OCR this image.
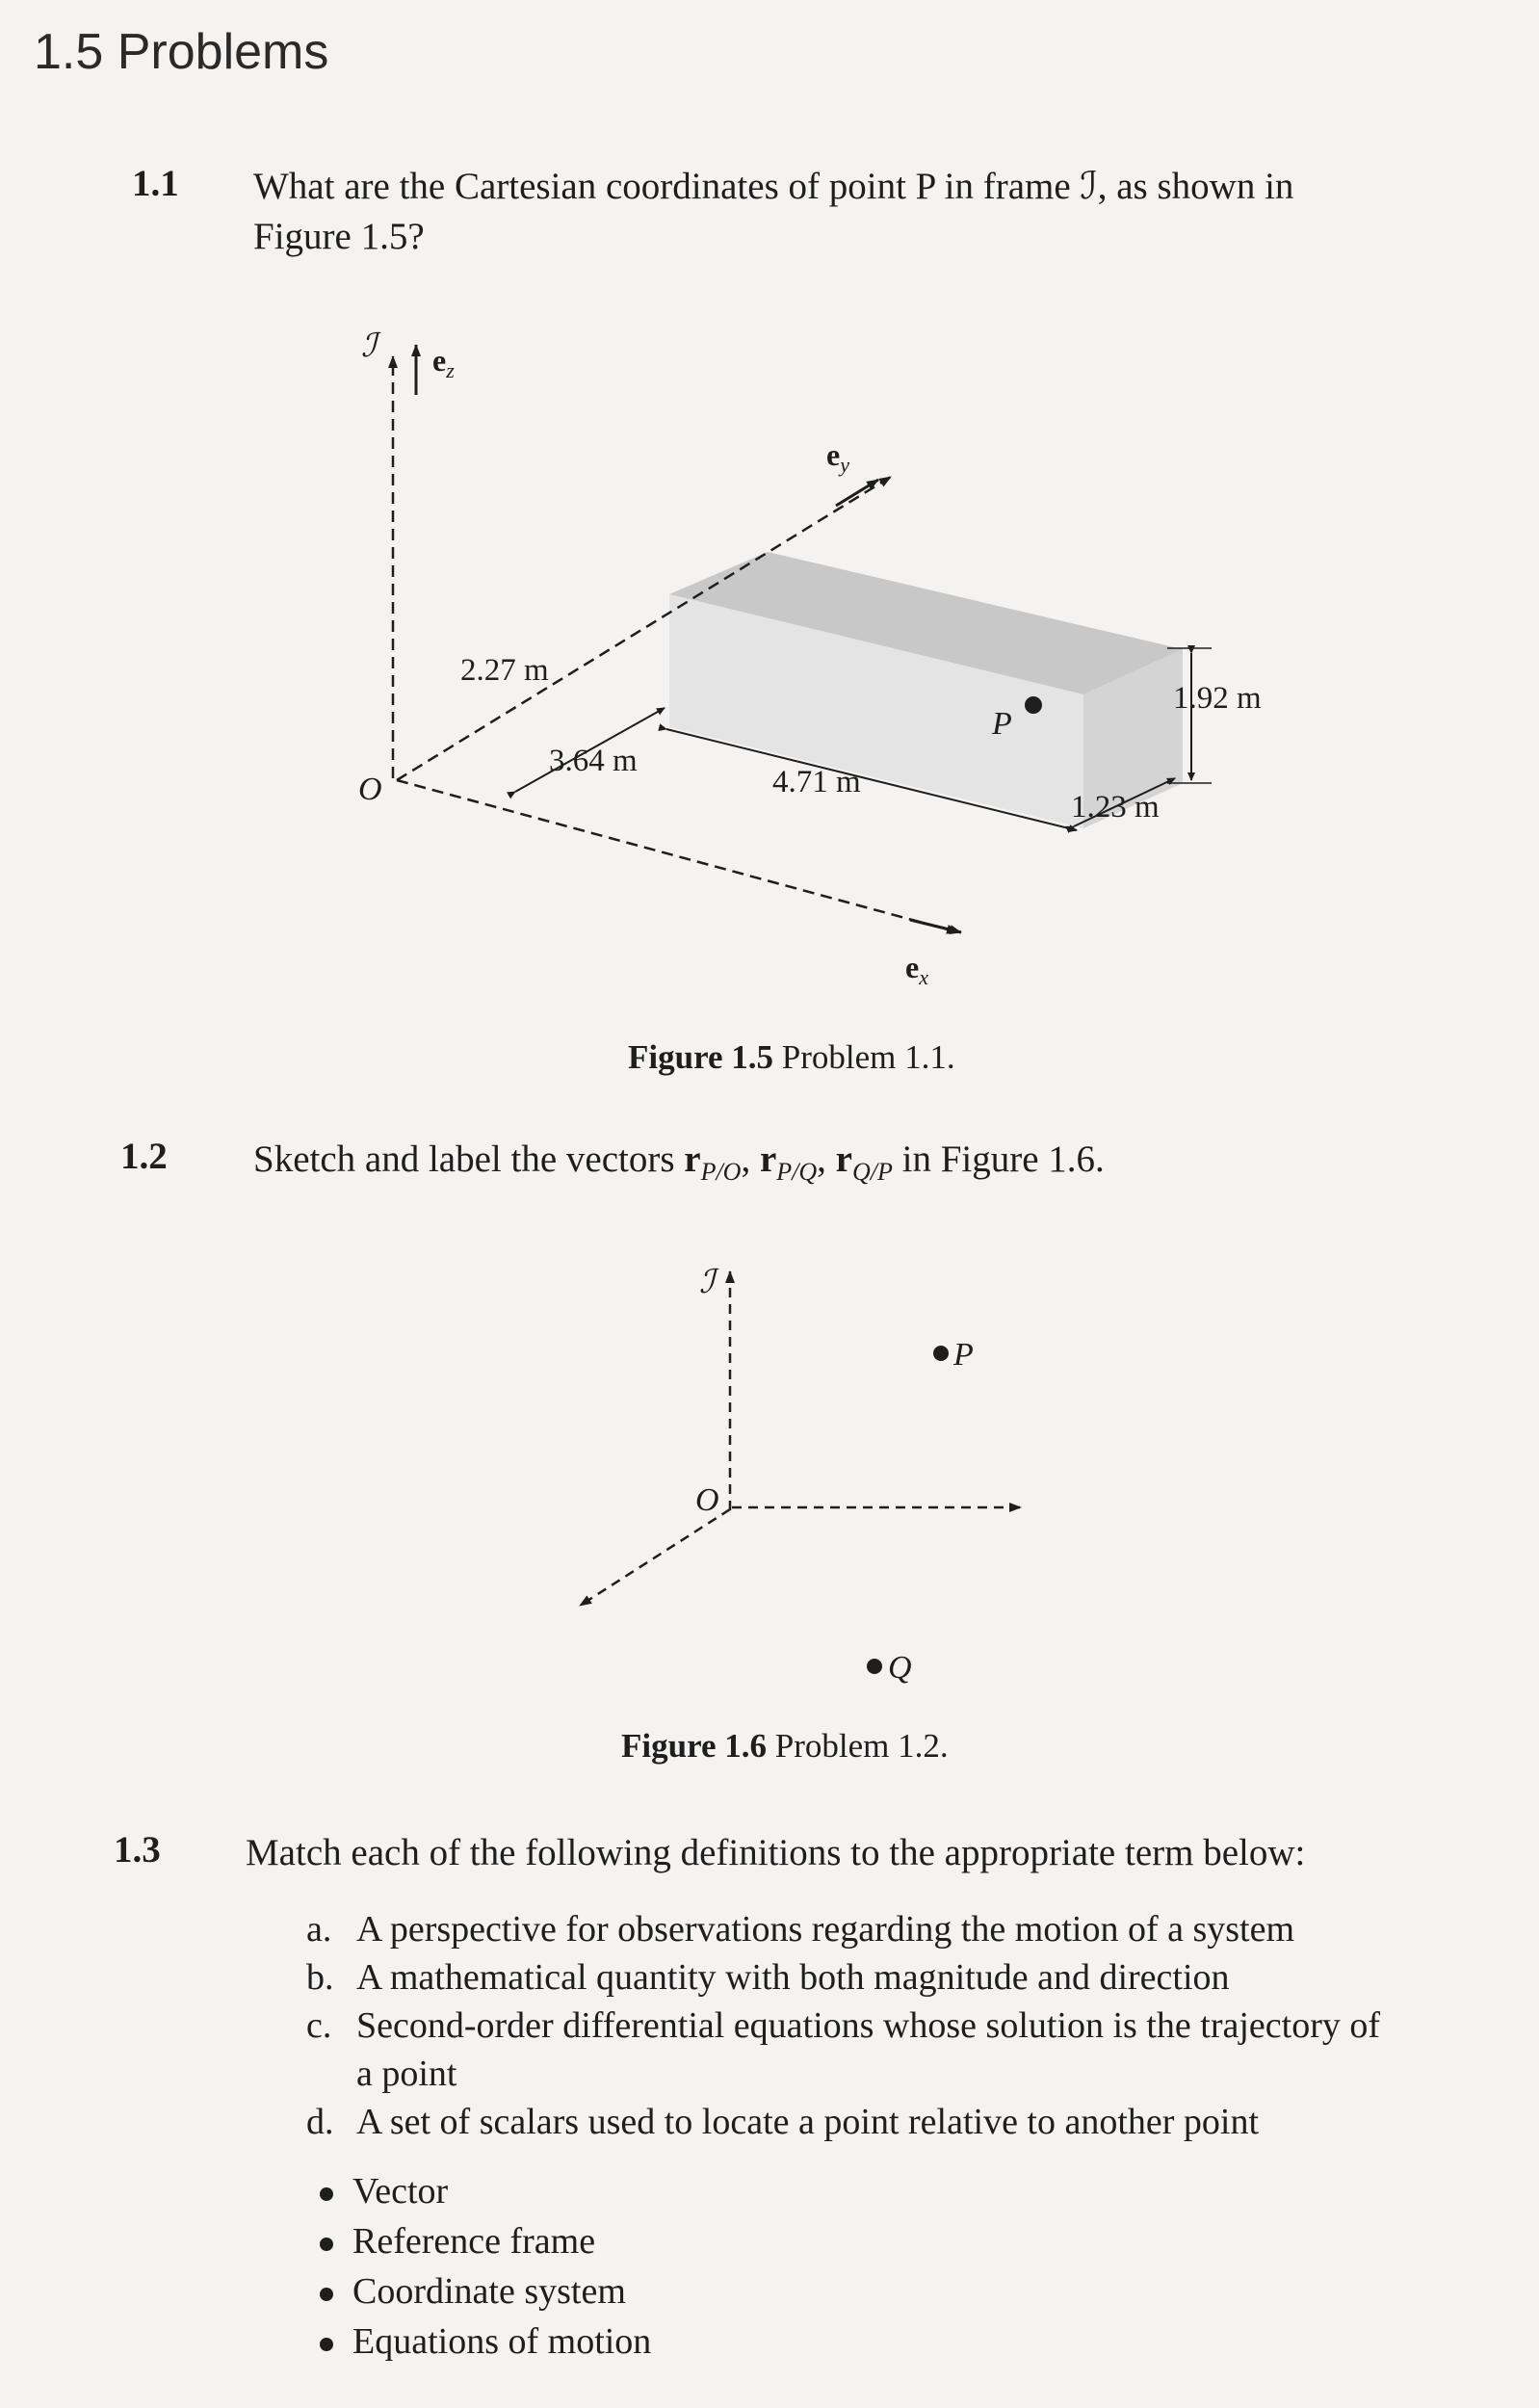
1.5 Problems
1.1 What are the Cartesian coordinates of point P in frame ℐ, as shown in
Figure 1.5?
ℐ $e_z$
$e_y$
$e_x$
O
P
2.27 m
3.64 m
4.71 m
1.92 m
1.23 m
Figure 1.5 Problem 1.1.
1.2 Sketch and label the vectors $r_{P/O}$, $r_{P/Q}$, $r_{Q/P}$ in Figure 1.6.
ℐ
O
P
Q
Figure 1.6 Problem 1.2.
1.3 Match each of the following definitions to the appropriate term below:
a. A perspective for observations regarding the motion of a system
b. A mathematical quantity with both magnitude and direction
c. Second-order differential equations whose solution is the trajectory of
a point
d. A set of scalars used to locate a point relative to another point
Vector
Reference frame
Coordinate system
Equations of motion
